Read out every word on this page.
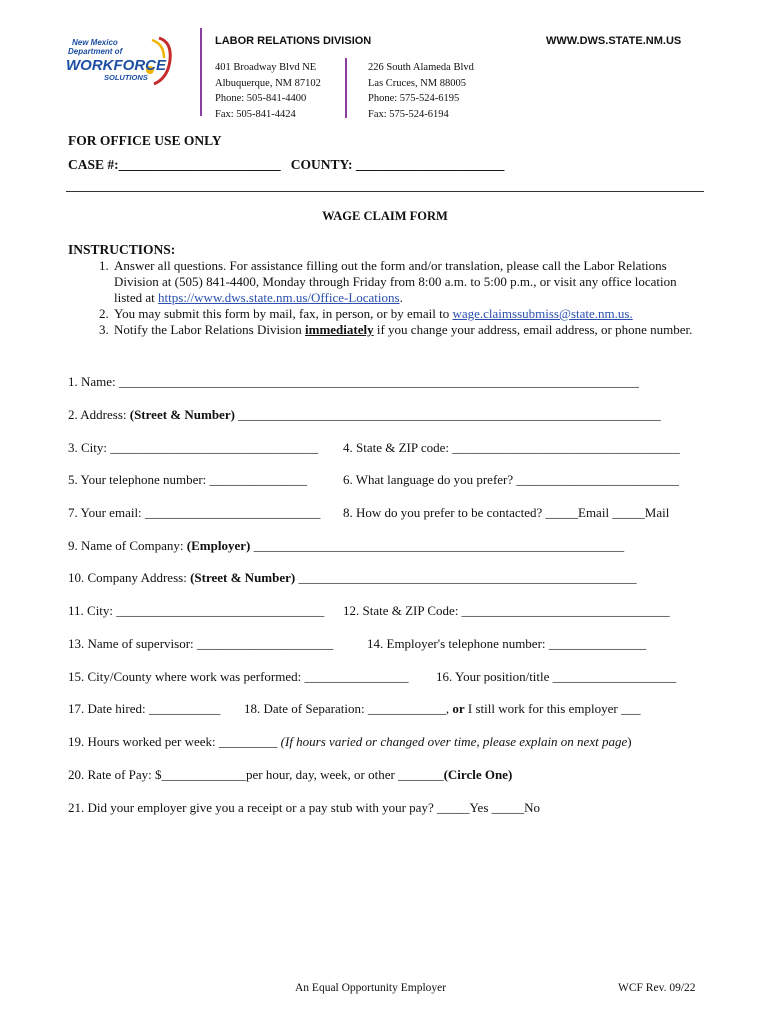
New Mexico
Department of
WORKFORCE
SOLUTIONS
LABOR RELATIONS DIVISION	WWW.DWS.STATE.NM.US
401 Broadway Blvd NE
Albuquerque, NM 87102
Phone: 505-841-4400
Fax: 505-841-4424
226 South Alameda Blvd
Las Cruces, NM 88005
Phone: 575-524-6195
Fax: 575-524-6194
FOR OFFICE USE ONLY
CASE #:________________________ COUNTY: ______________________
WAGE CLAIM FORM
INSTRUCTIONS:
1. Answer all questions. For assistance filling out the form and/or translation, please call the Labor Relations Division at (505) 841-4400, Monday through Friday from 8:00 a.m. to 5:00 p.m., or visit any office location listed at https://www.dws.state.nm.us/Office-Locations.
2. You may submit this form by mail, fax, in person, or by email to wage.claimssubmiss@state.nm.us.
3. Notify the Labor Relations Division immediately if you change your address, email address, or phone number.
1. Name: ________________________________________________________________________________
2. Address: (Street & Number) _________________________________________________________________
3. City: ________________________________ 4. State & ZIP code: ___________________________________
5. Your telephone number: _______________	6. What language do you prefer? _________________________
7. Your email: ___________________________ 8. How do you prefer to be contacted? _____Email _____Mail
9. Name of Company: (Employer) _________________________________________________________
10. Company Address: (Street & Number) ____________________________________________________
11. City: ________________________________ 12. State & ZIP Code: ________________________________
13. Name of supervisor: _____________________	14. Employer's telephone number: _______________
15. City/County where work was performed: ________________ 16. Your position/title ___________________
17. Date hired: ___________ 18. Date of Separation: ____________, or I still work for this employer ___
19. Hours worked per week: _________ (If hours varied or changed over time, please explain on next page)
20. Rate of Pay: $_____________per hour, day, week, or other _______(Circle One)
21. Did your employer give you a receipt or a pay stub with your pay? _____Yes _____No
An Equal Opportunity Employer	WCF Rev. 09/22
